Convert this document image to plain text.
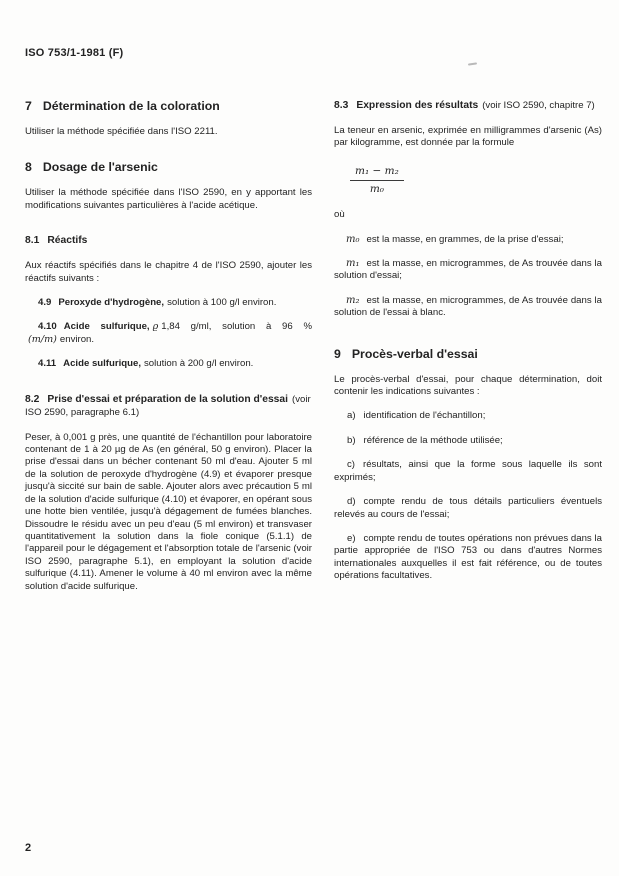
ISO 753/1-1981 (F)

7 Détermination de la coloration

Utiliser la méthode spécifiée dans l'ISO 2211.

8 Dosage de l'arsenic

Utiliser la méthode spécifiée dans l'ISO 2590, en y apportant les modifications suivantes particulières à l'acide acétique.

8.1 Réactifs

Aux réactifs spécifiés dans le chapitre 4 de l'ISO 2590, ajouter les réactifs suivants :

4.9 Peroxyde d'hydrogène, solution à 100 g/l environ.

4.10 Acide sulfurique, ϱ 1,84 g/ml, solution à 96 %(m/m) environ.

4.11 Acide sulfurique, solution à 200 g/l environ.

8.2 Prise d'essai et préparation de la solution d'essai (voir ISO 2590, paragraphe 6.1)

Peser, à 0,001 g près, une quantité de l'échantillon pour laboratoire contenant de 1 à 20 µg de As (en général, 50 g environ). Placer la prise d'essai dans un bécher contenant 50 ml d'eau. Ajouter 5 ml de la solution de peroxyde d'hydrogène (4.9) et évaporer presque jusqu'à siccité sur bain de sable. Ajouter alors avec précaution 5 ml de la solution d'acide sulfurique (4.10) et évaporer, en opérant sous une hotte bien ventilée, jusqu'à dégagement de fumées blanches. Dissoudre le résidu avec un peu d'eau (5 ml environ) et transvaser quantitativement la solution dans la fiole conique (5.1.1) de l'appareil pour le dégagement et l'absorption totale de l'arsenic (voir ISO 2590, paragraphe 5.1), en employant la solution d'acide sulfurique (4.11). Amener le volume à 40 ml environ avec la même solution d'acide sulfurique.

8.3 Expression des résultats (voir ISO 2590, chapitre 7)

La teneur en arsenic, exprimée en milligrammes d'arsenic (As) par kilogramme, est donnée par la formule

$\frac{\text{m₁ − m₂}}{\text{m₀}}$

où

m₀ est la masse, en grammes, de la prise d'essai;

m₁ est la masse, en microgrammes, de As trouvée dans la solution d'essai;

m₂ est la masse, en microgrammes, de As trouvée dans la solution de l'essai à blanc.

9 Procès-verbal d'essai

Le procès-verbal d'essai, pour chaque détermination, doit contenir les indications suivantes :

a) identification de l'échantillon;

b) référence de la méthode utilisée;

c) résultats, ainsi que la forme sous laquelle ils sont exprimés;

d) compte rendu de tous détails particuliers éventuels relevés au cours de l'essai;

e) compte rendu de toutes opérations non prévues dans la partie appropriée de l'ISO 753 ou dans d'autres Normes internationales auxquelles il est fait référence, ou de toutes opérations facultatives.

2
